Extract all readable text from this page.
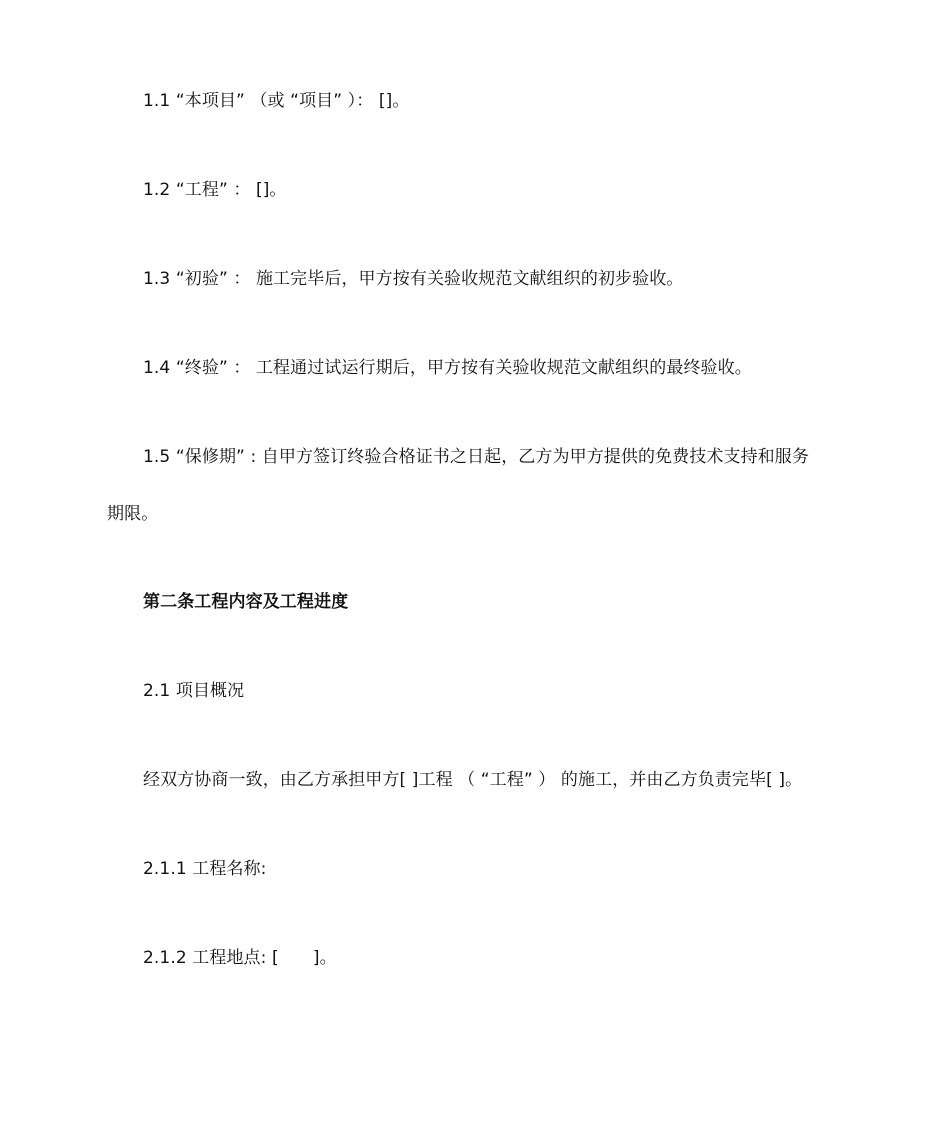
1.1 “本项目” （或 “项目” ）： []。
1.2 “工程” ： []。
1.3 “初验” ： 施工完毕后，甲方按有关验收规范文献组织的初步验收。
1.4 “终验” ： 工程通过试运行期后，甲方按有关验收规范文献组织的最终验收。
1.5 “保修期” : 自甲方签订终验合格证书之日起，乙方为甲方提供的免费技术支持和服务
期限。
第二条工程内容及工程进度
2.1 项目概况
经双方协商一致，由乙方承担甲方[ ]工程 （ “工程” ） 的施工，并由乙方负责完毕[ ]。
2.1.1 工程名称:
2.1.2 工程地点: [　　]。
